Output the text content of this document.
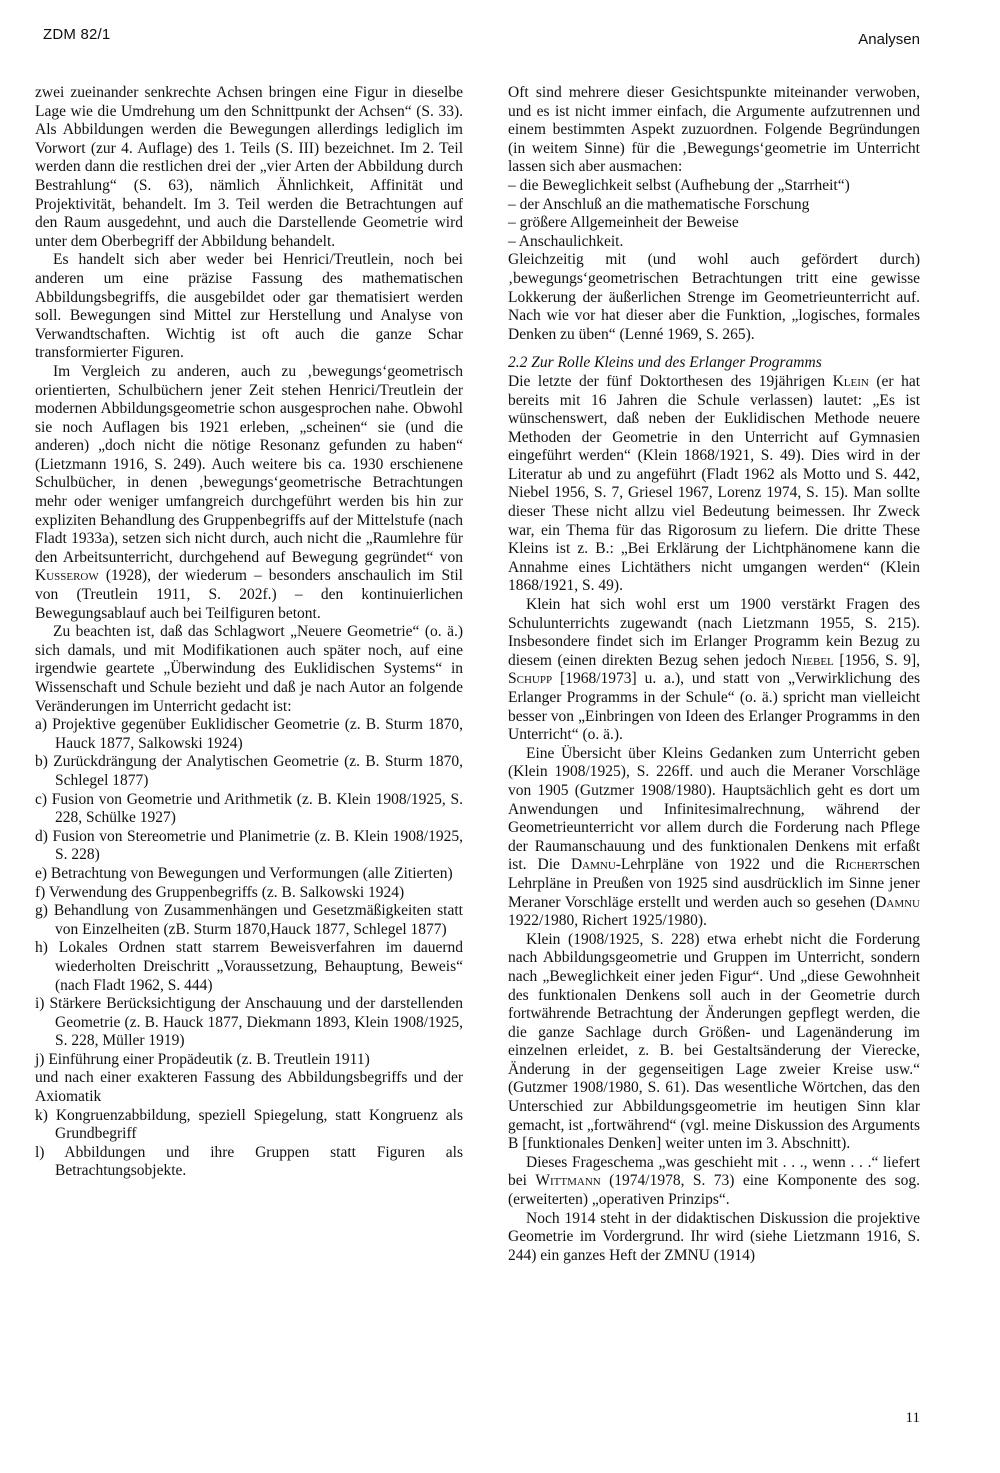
ZDM 82/1	Analysen

zwei zueinander senkrechte Achsen bringen eine Figur in dieselbe Lage wie die Umdrehung um den Schnittpunkt der Achsen“ (S. 33). Als Abbildungen werden die Bewegungen allerdings lediglich im Vorwort (zur 4. Auflage) des 1. Teils (S. III) bezeichnet. Im 2. Teil werden dann die restlichen drei der „vier Arten der Abbildung durch Bestrahlung“ (S. 63), nämlich Ähnlichkeit, Affinität und Projektivität, behandelt. Im 3. Teil werden die Betrachtungen auf den Raum ausgedehnt, und auch die Darstellende Geometrie wird unter dem Oberbegriff der Abbildung behandelt.

Es handelt sich aber weder bei Henrici/Treutlein, noch bei anderen um eine präzise Fassung des mathematischen Abbildungsbegriffs, die ausgebildet oder gar thematisiert werden soll. Bewegungen sind Mittel zur Herstellung und Analyse von Verwandtschaften. Wichtig ist oft auch die ganze Schar transformierter Figuren.

Im Vergleich zu anderen, auch zu ‚bewegungs‘geometrisch orientierten, Schulbüchern jener Zeit stehen Henrici/Treutlein der modernen Abbildungsgeometrie schon ausgesprochen nahe. Obwohl sie noch Auflagen bis 1921 erleben, „scheinen“ sie (und die anderen) „doch nicht die nötige Resonanz gefunden zu haben“ (Lietzmann 1916, S. 249). Auch weitere bis ca. 1930 erschienene Schulbücher, in denen ‚bewegungs‘geometrische Betrachtungen mehr oder weniger umfangreich durchgeführt werden bis hin zur expliziten Behandlung des Gruppenbegriffs auf der Mittelstufe (nach Fladt 1933a), setzen sich nicht durch, auch nicht die „Raumlehre für den Arbeitsunterricht, durchgehend auf Bewegung gegründet“ von Kusserow (1928), der wiederum – besonders anschaulich im Stil von (Treutlein 1911, S. 202f.) – den kontinuierlichen Bewegungsablauf auch bei Teilfiguren betont.

Zu beachten ist, daß das Schlagwort „Neuere Geometrie“ (o. ä.) sich damals, und mit Modifikationen auch später noch, auf eine irgendwie geartete „Überwindung des Euklidischen Systems“ in Wissenschaft und Schule bezieht und daß je nach Autor an folgende Veränderungen im Unterricht gedacht ist:

a) Projektive gegenüber Euklidischer Geometrie (z. B. Sturm 1870, Hauck 1877, Salkowski 1924)

b) Zurückdrängung der Analytischen Geometrie (z. B. Sturm 1870, Schlegel 1877)

c) Fusion von Geometrie und Arithmetik (z. B. Klein 1908/1925, S. 228, Schülke 1927)

d) Fusion von Stereometrie und Planimetrie (z. B. Klein 1908/1925, S. 228)

e) Betrachtung von Bewegungen und Verformungen (alle Zitierten)

f) Verwendung des Gruppenbegriffs (z. B. Salkowski 1924)

g) Behandlung von Zusammenhängen und Gesetzmäßigkeiten statt von Einzelheiten (zB. Sturm 1870,Hauck 1877, Schlegel 1877)

h) Lokales Ordnen statt starrem Beweisverfahren im dauernd wiederholten Dreischritt „Voraussetzung, Behauptung, Beweis“ (nach Fladt 1962, S. 444)

i) Stärkere Berücksichtigung der Anschauung und der darstellenden Geometrie (z. B. Hauck 1877, Diekmann 1893, Klein 1908/1925, S. 228, Müller 1919)

j) Einführung einer Propädeutik (z. B. Treutlein 1911)

und nach einer exakteren Fassung des Abbildungsbegriffs und der Axiomatik

k) Kongruenzabbildung, speziell Spiegelung, statt Kongruenz als Grundbegriff

l) Abbildungen und ihre Gruppen statt Figuren als Betrachtungsobjekte.

Oft sind mehrere dieser Gesichtspunkte miteinander verwoben, und es ist nicht immer einfach, die Argumente aufzutrennen und einem bestimmten Aspekt zuzuordnen. Folgende Begründungen (in weitem Sinne) für die ‚Bewegungs‘geometrie im Unterricht lassen sich aber ausmachen:

– die Beweglichkeit selbst (Aufhebung der „Starrheit“)

– der Anschluß an die mathematische Forschung

– größere Allgemeinheit der Beweise

– Anschaulichkeit.

Gleichzeitig mit (und wohl auch gefördert durch) ‚bewegungs‘geometrischen Betrachtungen tritt eine gewisse Lokkerung der äußerlichen Strenge im Geometrieunterricht auf. Nach wie vor hat dieser aber die Funktion, „logisches, formales Denken zu üben“ (Lenné 1969, S. 265).

2.2 Zur Rolle Kleins und des Erlanger Programms

Die letzte der fünf Doktorthesen des 19jährigen Klein (er hat bereits mit 16 Jahren die Schule verlassen) lautet: „Es ist wünschenswert, daß neben der Euklidischen Methode neuere Methoden der Geometrie in den Unterricht auf Gymnasien eingeführt werden“ (Klein 1868/1921, S. 49). Dies wird in der Literatur ab und zu angeführt (Fladt 1962 als Motto und S. 442, Niebel 1956, S. 7, Griesel 1967, Lorenz 1974, S. 15). Man sollte dieser These nicht allzu viel Bedeutung beimessen. Ihr Zweck war, ein Thema für das Rigorosum zu liefern. Die dritte These Kleins ist z. B.: „Bei Erklärung der Lichtphänomene kann die Annahme eines Lichtäthers nicht umgangen werden“ (Klein 1868/1921, S. 49).

Klein hat sich wohl erst um 1900 verstärkt Fragen des Schulunterrichts zugewandt (nach Lietzmann 1955, S. 215). Insbesondere findet sich im Erlanger Programm kein Bezug zu diesem (einen direkten Bezug sehen jedoch Niebel [1956, S. 9], Schupp [1968/1973] u. a.), und statt von „Verwirklichung des Erlanger Programms in der Schule“ (o. ä.) spricht man vielleicht besser von „Einbringen von Ideen des Erlanger Programms in den Unterricht“ (o. ä.).

Eine Übersicht über Kleins Gedanken zum Unterricht geben (Klein 1908/1925), S. 226ff. und auch die Meraner Vorschläge von 1905 (Gutzmer 1908/1980). Hauptsächlich geht es dort um Anwendungen und Infinitesimalrechnung, während der Geometrieunterricht vor allem durch die Forderung nach Pflege der Raumanschauung und des funktionalen Denkens mit erfaßt ist. Die Damnu-Lehrpläne von 1922 und die Richertschen Lehrpläne in Preußen von 1925 sind ausdrücklich im Sinne jener Meraner Vorschläge erstellt und werden auch so gesehen (Damnu 1922/1980, Richert 1925/1980).

Klein (1908/1925, S. 228) etwa erhebt nicht die Forderung nach Abbildungsgeometrie und Gruppen im Unterricht, sondern nach „Beweglichkeit einer jeden Figur“. Und „diese Gewohnheit des funktionalen Denkens soll auch in der Geometrie durch fortwährende Betrachtung der Änderungen gepflegt werden, die die ganze Sachlage durch Größen- und Lagenänderung im einzelnen erleidet, z. B. bei Gestaltsänderung der Vierecke, Änderung in der gegenseitigen Lage zweier Kreise usw.“ (Gutzmer 1908/1980, S. 61). Das wesentliche Wörtchen, das den Unterschied zur Abbildungsgeometrie im heutigen Sinn klar gemacht, ist „fortwährend“ (vgl. meine Diskussion des Arguments B [funktionales Denken] weiter unten im 3. Abschnitt).

Dieses Frageschema „was geschieht mit . . ., wenn . . .“ liefert bei Wittmann (1974/1978, S. 73) eine Komponente des sog. (erweiterten) „operativen Prinzips“.

Noch 1914 steht in der didaktischen Diskussion die projektive Geometrie im Vordergrund. Ihr wird (siehe Lietzmann 1916, S. 244) ein ganzes Heft der ZMNU (1914)

11
